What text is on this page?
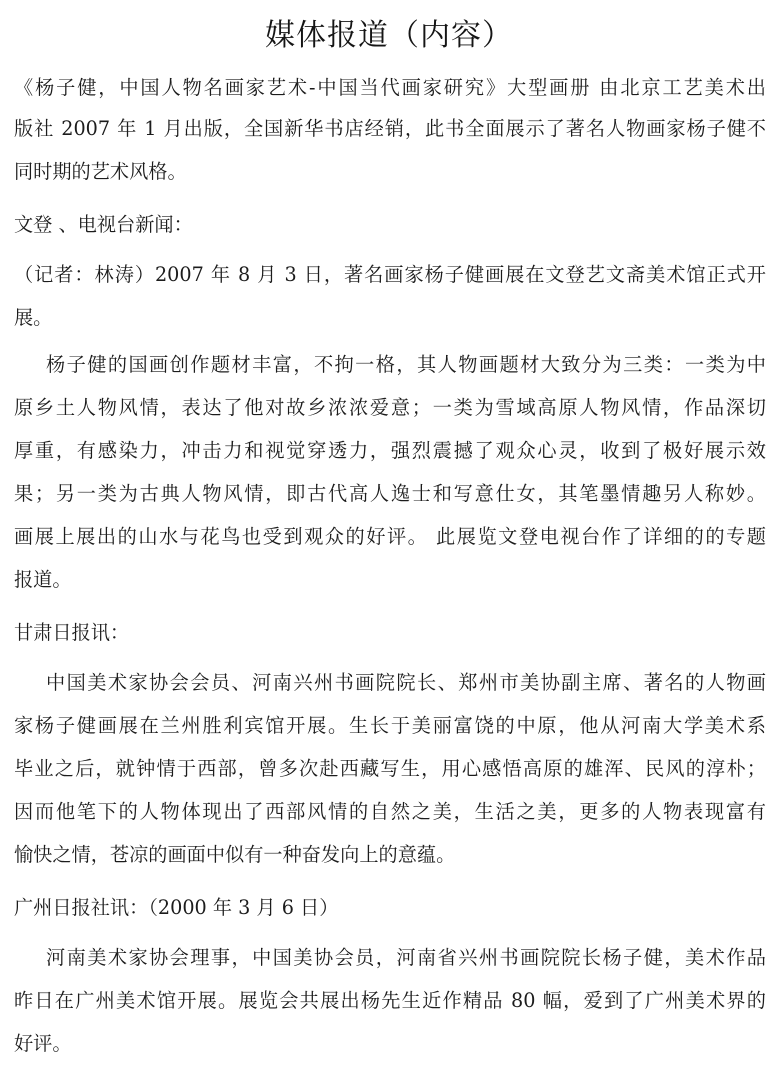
媒体报道（内容）
《杨子健，中国人物名画家艺术-中国当代画家研究》大型画册 由北京工艺美术出
版社 2007 年 1 月出版，全国新华书店经销，此书全面展示了著名人物画家杨子健不
同时期的艺术风格。
文登 、电视台新闻：
（记者：林涛）2007 年 8 月 3 日，著名画家杨子健画展在文登艺文斋美术馆正式开
展。
杨子健的国画创作题材丰富，不拘一格，其人物画题材大致分为三类：一类为中
原乡土人物风情，表达了他对故乡浓浓爱意；一类为雪域高原人物风情，作品深切
厚重，有感染力，冲击力和视觉穿透力，强烈震撼了观众心灵，收到了极好展示效
果；另一类为古典人物风情，即古代高人逸士和写意仕女，其笔墨情趣另人称妙。
画展上展出的山水与花鸟也受到观众的好评。 此展览文登电视台作了详细的的专题
报道。
甘肃日报讯：
中国美术家协会会员、河南兴州书画院院长、郑州市美协副主席、著名的人物画
家杨子健画展在兰州胜利宾馆开展。生长于美丽富饶的中原，他从河南大学美术系
毕业之后，就钟情于西部，曾多次赴西藏写生，用心感悟高原的雄浑、民风的淳朴；
因而他笔下的人物体现出了西部风情的自然之美，生活之美，更多的人物表现富有
愉快之情，苍凉的画面中似有一种奋发向上的意蕴。
广州日报社讯：（2000 年 3 月 6 日）
河南美术家协会理事，中国美协会员，河南省兴州书画院院长杨子健，美术作品
昨日在广州美术馆开展。展览会共展出杨先生近作精品 80 幅，爱到了广州美术界的
好评。
